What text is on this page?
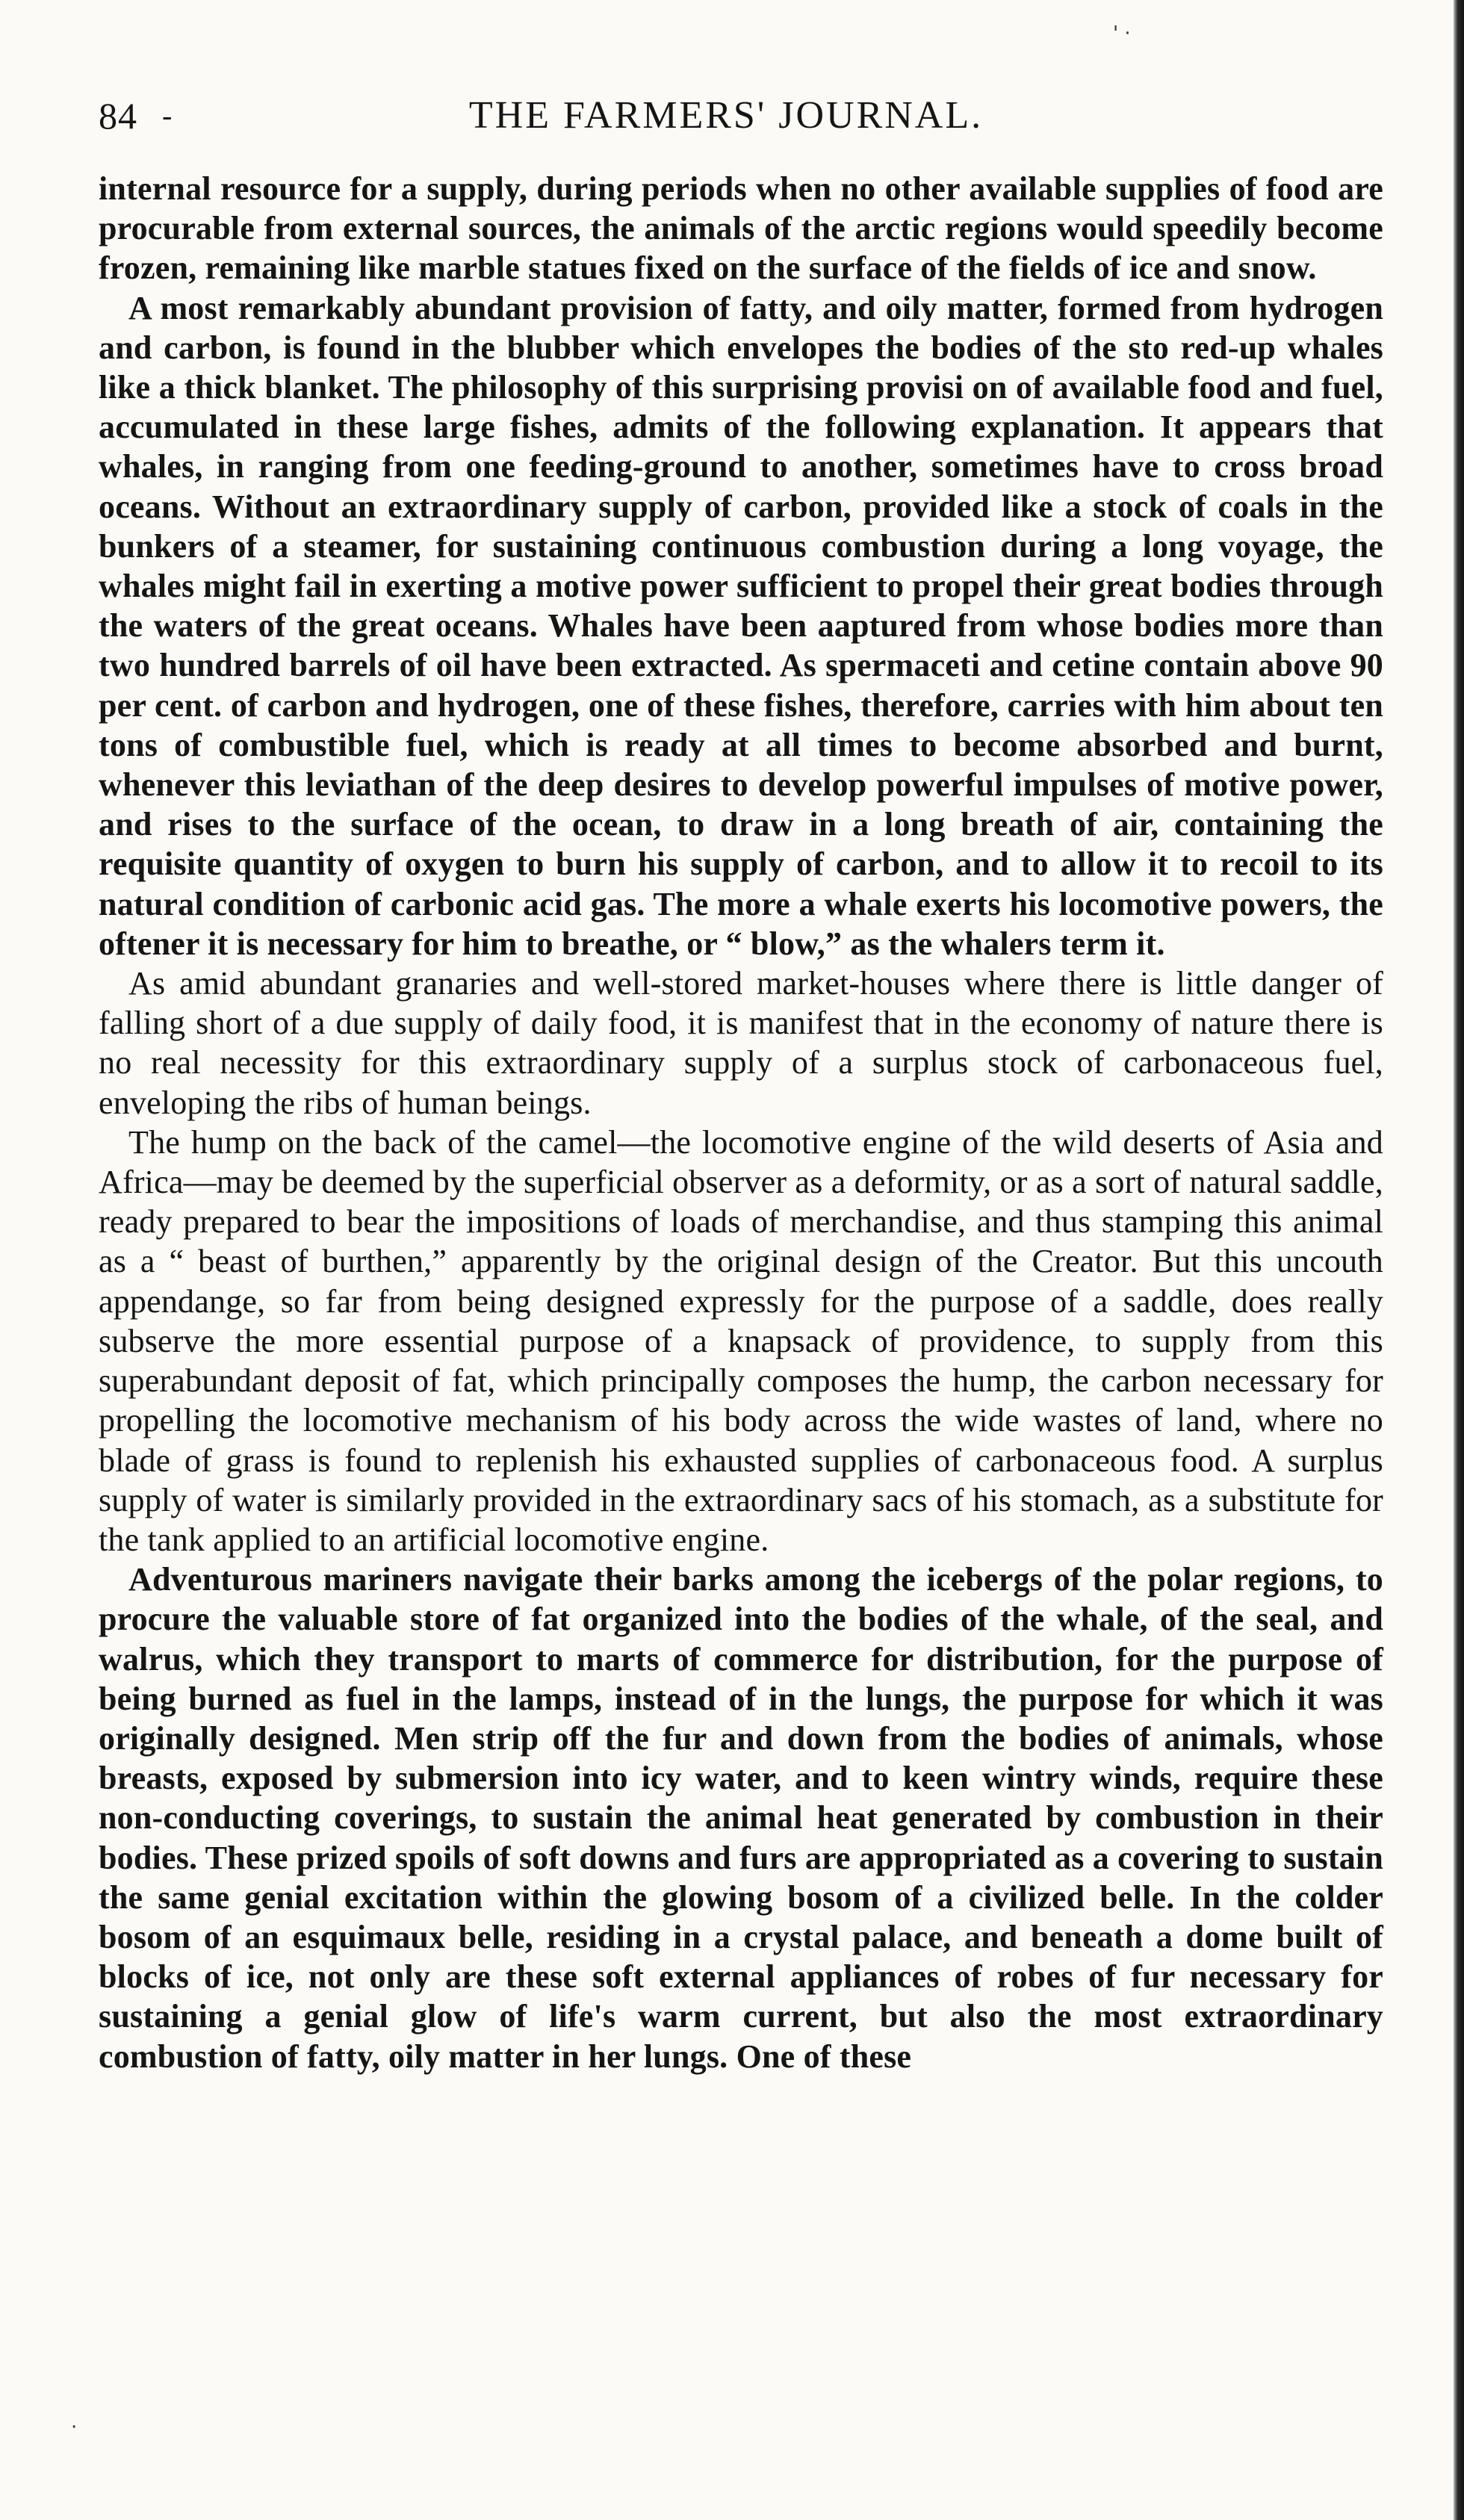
' ·
·
84 -	THE FARMERS' JOURNAL.

internal resource for a supply, during periods when no other available supplies of food are procurable from external sources, the animals of the arctic regions would speedily become frozen, remaining like marble statues fixed on the surface of the fields of ice and snow.

A most remarkably abundant provision of fatty, and oily matter, formed from hydrogen and carbon, is found in the blubber which envelopes the bodies of the sto red-up whales like a thick blanket. The philosophy of this surprising provisi on of available food and fuel, accumulated in these large fishes, admits of the following explanation. It appears that whales, in ranging from one feeding-ground to another, sometimes have to cross broad oceans. Without an extraordinary supply of carbon, provided like a stock of coals in the bunkers of a steamer, for sustaining continuous combustion during a long voyage, the whales might fail in exerting a motive power sufficient to propel their great bodies through the waters of the great oceans. Whales have been aaptured from whose bodies more than two hundred barrels of oil have been extracted. As spermaceti and cetine contain above 90 per cent. of carbon and hydrogen, one of these fishes, therefore, carries with him about ten tons of combustible fuel, which is ready at all times to become absorbed and burnt, whenever this leviathan of the deep desires to develop powerful impulses of motive power, and rises to the surface of the ocean, to draw in a long breath of air, containing the requisite quantity of oxygen to burn his supply of carbon, and to allow it to recoil to its natural condition of carbonic acid gas. The more a whale exerts his locomotive powers, the oftener it is necessary for him to breathe, or “ blow,” as the whalers term it.

As amid abundant granaries and well-stored market-houses where there is little danger of falling short of a due supply of daily food, it is manifest that in the economy of nature there is no real necessity for this extraordinary supply of a surplus stock of carbonaceous fuel, enveloping the ribs of human beings.

The hump on the back of the camel—the locomotive engine of the wild deserts of Asia and Africa—may be deemed by the superficial observer as a deformity, or as a sort of natural saddle, ready prepared to bear the impositions of loads of merchandise, and thus stamping this animal as a “ beast of burthen,” apparently by the original design of the Creator. But this uncouth appendange, so far from being designed expressly for the purpose of a saddle, does really subserve the more essential purpose of a knapsack of providence, to supply from this superabundant deposit of fat, which principally composes the hump, the carbon necessary for propelling the locomotive mechanism of his body across the wide wastes of land, where no blade of grass is found to replenish his exhausted supplies of carbonaceous food. A surplus supply of water is similarly provided in the extraordinary sacs of his stomach, as a substitute for the tank applied to an artificial locomotive engine.

Adventurous mariners navigate their barks among the icebergs of the polar regions, to procure the valuable store of fat organized into the bodies of the whale, of the seal, and walrus, which they transport to marts of commerce for distribution, for the purpose of being burned as fuel in the lamps, instead of in the lungs, the purpose for which it was originally designed. Men strip off the fur and down from the bodies of animals, whose breasts, exposed by submersion into icy water, and to keen wintry winds, require these non-conducting coverings, to sustain the animal heat generated by combustion in their bodies. These prized spoils of soft downs and furs are appropriated as a covering to sustain the same genial excitation within the glowing bosom of a civilized belle. In the colder bosom of an esquimaux belle, residing in a crystal palace, and beneath a dome built of blocks of ice, not only are these soft external appliances of robes of fur necessary for sustaining a genial glow of life's warm current, but also the most extraordinary combustion of fatty, oily matter in her lungs. One of these
